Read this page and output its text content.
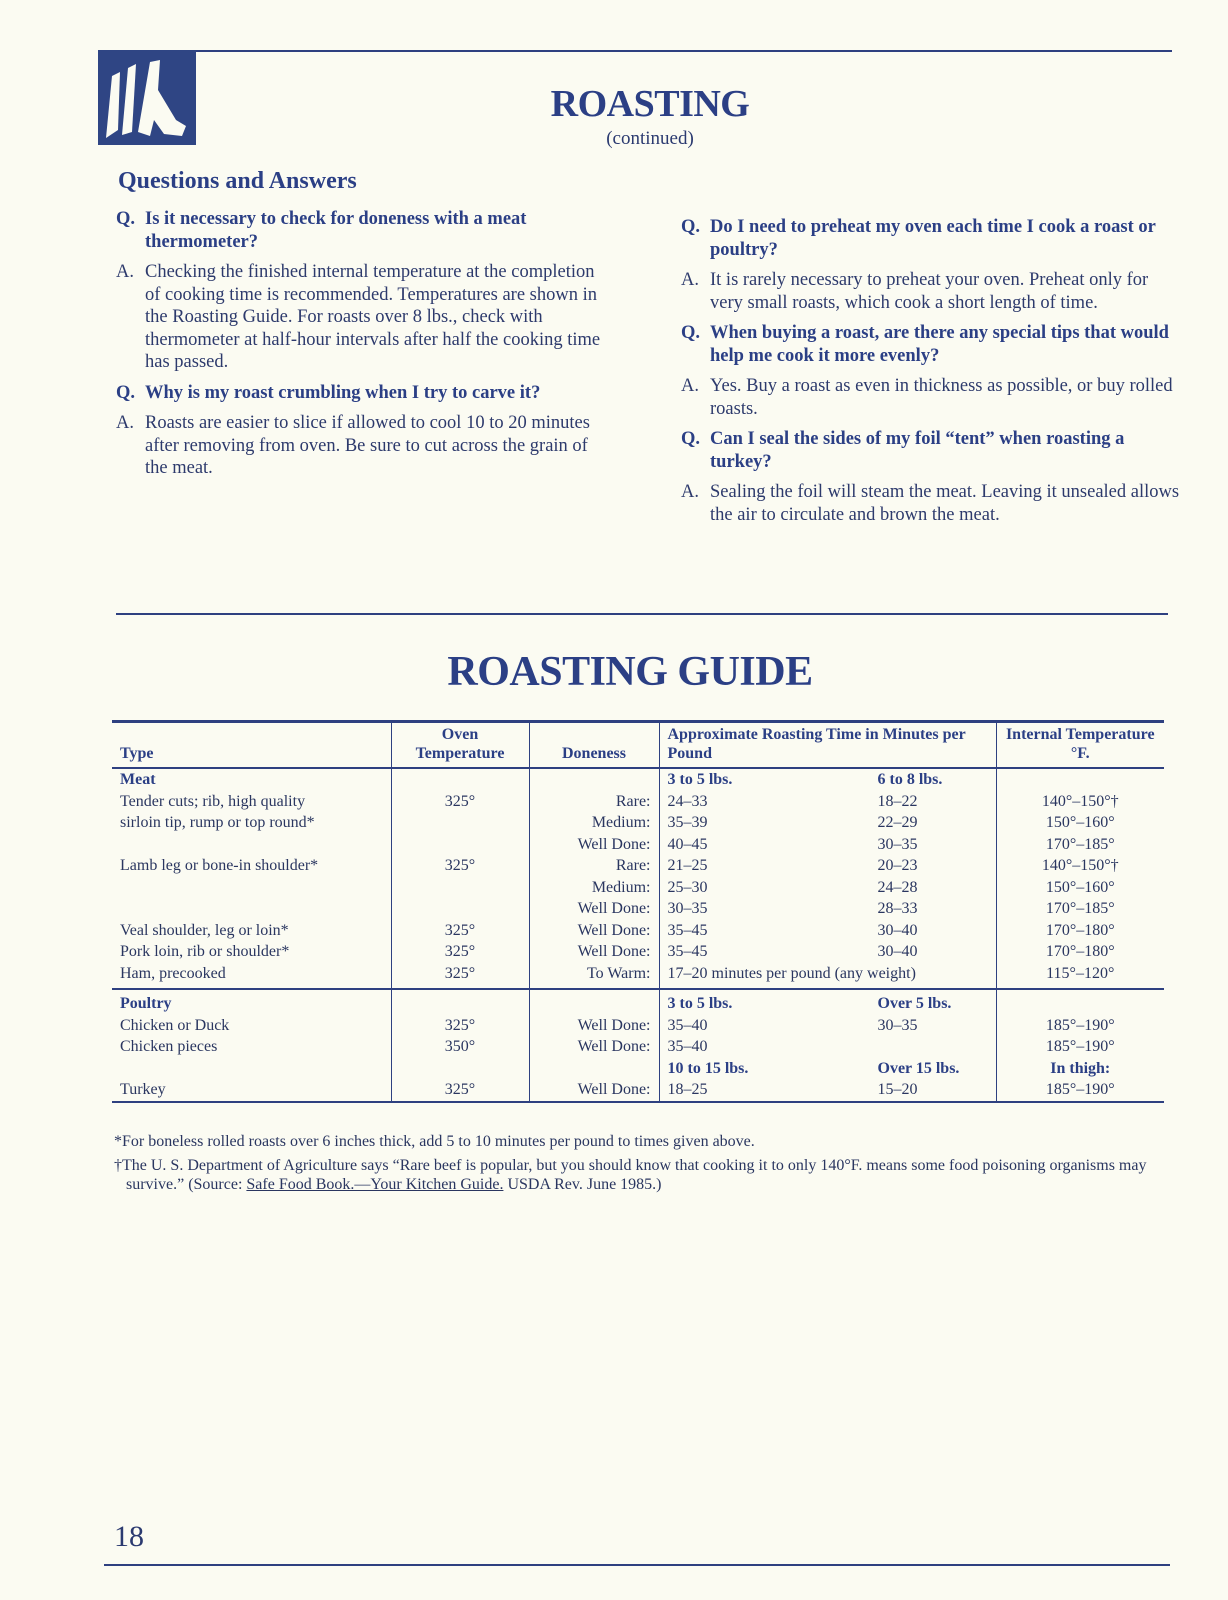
ROASTING
(continued)
Questions and Answers
Q. Is it necessary to check for doneness with a meat thermometer?
A. Checking the finished internal temperature at the completion of cooking time is recommended. Temperatures are shown in the Roasting Guide. For roasts over 8 lbs., check with thermometer at half-hour intervals after half the cooking time has passed.
Q. Why is my roast crumbling when I try to carve it?
A. Roasts are easier to slice if allowed to cool 10 to 20 minutes after removing from oven. Be sure to cut across the grain of the meat.
Q. Do I need to preheat my oven each time I cook a roast or poultry?
A. It is rarely necessary to preheat your oven. Preheat only for very small roasts, which cook a short length of time.
Q. When buying a roast, are there any special tips that would help me cook it more evenly?
A. Yes. Buy a roast as even in thickness as possible, or buy rolled roasts.
Q. Can I seal the sides of my foil “tent” when roasting a turkey?
A. Sealing the foil will steam the meat. Leaving it unsealed allows the air to circulate and brown the meat.
ROASTING GUIDE
Type	Oven Temperature	Doneness	Approximate Roasting Time in Minutes per Pound	Internal Temperature °F.
Meat			3 to 5 lbs. 6 to 8 lbs.	

Tender cuts; rib, high quality	325°	Rare:	24–33 18–22	140°–150°†
sirloin tip, rump or top round*		Medium:	35–39 22–29	150°–160°
		Well Done:	40–45 30–35	170°–185°
Lamb leg or bone-in shoulder*	325°	Rare:	21–25 20–23	140°–150°†
		Medium:	25–30 24–28	150°–160°
		Well Done:	30–35 28–33	170°–185°
Veal shoulder, leg or loin*	325°	Well Done:	35–45 30–40	170°–180°
Pork loin, rib or shoulder*	325°	Well Done:	35–45 30–40	170°–180°
Ham, precooked	325°	To Warm:	17–20 minutes per pound (any weight)	115°–120°
Poultry			3 to 5 lbs. Over 5 lbs.	

Chicken or Duck	325°	Well Done:	35–40 30–35	185°–190°
Chicken pieces	350°	Well Done:	35–40	185°–190°

			10 to 15 lbs. Over 15 lbs.	In thigh:
Turkey	325°	Well Done:	18–25 15–20	185°–190°

*For boneless rolled roasts over 6 inches thick, add 5 to 10 minutes per pound to times given above.

†The U. S. Department of Agriculture says “Rare beef is popular, but you should know that cooking it to only 140°F. means some food poisoning organisms may survive.” (Source: Safe Food Book.—Your Kitchen Guide. USDA Rev. June 1985.)

18
